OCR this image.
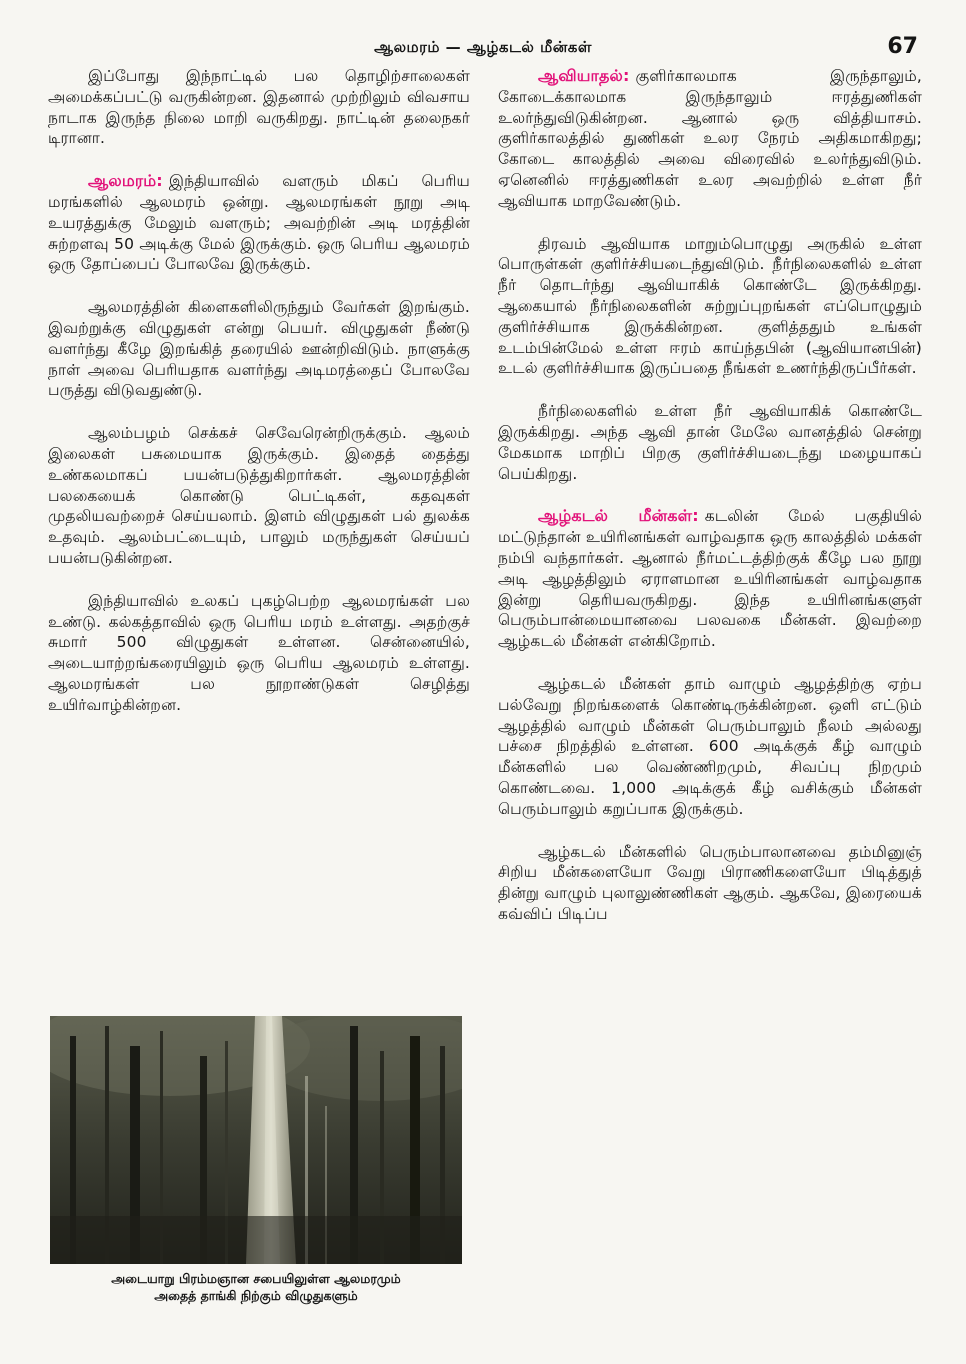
ஆலமரம் — ஆழ்கடல் மீன்கள்	67

இப்போது இந்நாட்டில் பல தொழிற்சாலைகள் அமைக்கப்பட்டு வருகின்றன. இதனால் முற்றிலும் விவசாய நாடாக இருந்த நிலை மாறி வருகிறது. நாட்டின் தலைநகர் டிரானா.

ஆலமரம்: இந்தியாவில் வளரும் மிகப் பெரிய மரங்களில் ஆலமரம் ஒன்று. ஆலமரங்கள் நூறு அடி உயரத்துக்கு மேலும் வளரும்; அவற்றின் அடி மரத்தின் சுற்றளவு 50 அடிக்கு மேல் இருக்கும். ஒரு பெரிய ஆலமரம் ஒரு தோப்பைப் போலவே இருக்கும்.

ஆலமரத்தின் கிளைகளிலிருந்தும் வேர்கள் இறங்கும். இவற்றுக்கு விழுதுகள் என்று பெயர். விழுதுகள் நீண்டு வளர்ந்து கீழே இறங்கித் தரையில் ஊன்றிவிடும். நாளுக்கு நாள் அவை பெரியதாக வளர்ந்து அடிமரத்தைப் போலவே பருத்து விடுவதுண்டு.

ஆலம்பழம் செக்கச் செவேரென்றிருக்கும். ஆலம் இலைகள் பசுமையாக இருக்கும். இதைத் தைத்து உண்கலமாகப் பயன்படுத்துகிறார்கள். ஆலமரத்தின் பலகையைக் கொண்டு பெட்டிகள், கதவுகள் முதலியவற்றைச் செய்யலாம். இளம் விழுதுகள் பல் துலக்க உதவும். ஆலம்பட்டையும், பாலும் மருந்துகள் செய்யப் பயன்படுகின்றன.

இந்தியாவில் உலகப் புகழ்பெற்ற ஆலமரங்கள் பல உண்டு. கல்கத்தாவில் ஒரு பெரிய மரம் உள்ளது. அதற்குச் சுமார் 500 விழுதுகள் உள்ளன. சென்னையில், அடையாற்றங்கரையிலும் ஒரு பெரிய ஆலமரம் உள்ளது. ஆலமரங்கள் பல நூறாண்டுகள் செழித்து உயிர்வாழ்கின்றன.

அடையாறு பிரம்மஞான சபையிலுள்ள ஆலமரமும்
அதைத் தாங்கி நிற்கும் விழுதுகளும்

ஆவியாதல்: குளிர்காலமாக இருந்தாலும், கோடைக்காலமாக இருந்தாலும் ஈரத்துணிகள் உலர்ந்துவிடுகின்றன. ஆனால் ஒரு வித்தியாசம். குளிர்காலத்தில் துணிகள் உலர நேரம் அதிகமாகிறது; கோடை காலத்தில் அவை விரைவில் உலர்ந்துவிடும். ஏனெனில் ஈரத்துணிகள் உலர அவற்றில் உள்ள நீர் ஆவியாக மாறவேண்டும்.

திரவம் ஆவியாக மாறும்பொழுது அருகில் உள்ள பொருள்கள் குளிர்ச்சியடைந்துவிடும். நீர்நிலைகளில் உள்ள நீர் தொடர்ந்து ஆவியாகிக் கொண்டே இருக்கிறது. ஆகையால் நீர்நிலைகளின் சுற்றுப்புறங்கள் எப்பொழுதும் குளிர்ச்சியாக இருக்கின்றன. குளித்ததும் உங்கள் உடம்பின்மேல் உள்ள ஈரம் காய்ந்தபின் (ஆவியானபின்) உடல் குளிர்ச்சியாக இருப்பதை நீங்கள் உணர்ந்திருப்பீர்கள்.

நீர்நிலைகளில் உள்ள நீர் ஆவியாகிக் கொண்டே இருக்கிறது. அந்த ஆவி தான் மேலே வானத்தில் சென்று மேகமாக மாறிப் பிறகு குளிர்ச்சியடைந்து மழையாகப் பெய்கிறது.

ஆழ்கடல் மீன்கள்: கடலின் மேல் பகுதியில் மட்டுந்தான் உயிரினங்கள் வாழ்வதாக ஒரு காலத்தில் மக்கள் நம்பி வந்தார்கள். ஆனால் நீர்மட்டத்திற்குக் கீழே பல நூறு அடி ஆழத்திலும் ஏராளமான உயிரினங்கள் வாழ்வதாக இன்று தெரியவருகிறது. இந்த உயிரினங்களுள் பெரும்பான்மையானவை பலவகை மீன்கள். இவற்றை ஆழ்கடல் மீன்கள் என்கிறோம்.

ஆழ்கடல் மீன்கள் தாம் வாழும் ஆழத்திற்கு ஏற்ப பல்வேறு நிறங்களைக் கொண்டிருக்கின்றன. ஒளி எட்டும் ஆழத்தில் வாழும் மீன்கள் பெரும்பாலும் நீலம் அல்லது பச்சை நிறத்தில் உள்ளன. 600 அடிக்குக் கீழ் வாழும் மீன்களில் பல வெண்ணிறமும், சிவப்பு நிறமும் கொண்டவை. 1,000 அடிக்குக் கீழ் வசிக்கும் மீன்கள் பெரும்பாலும் கறுப்பாக இருக்கும்.

ஆழ்கடல் மீன்களில் பெரும்பாலானவை தம்மினுஞ் சிறிய மீன்களையோ வேறு பிராணிகளையோ பிடித்துத் தின்று வாழும் புலாலுண்ணிகள் ஆகும். ஆகவே, இரையைக் கவ்விப் பிடிப்ப
